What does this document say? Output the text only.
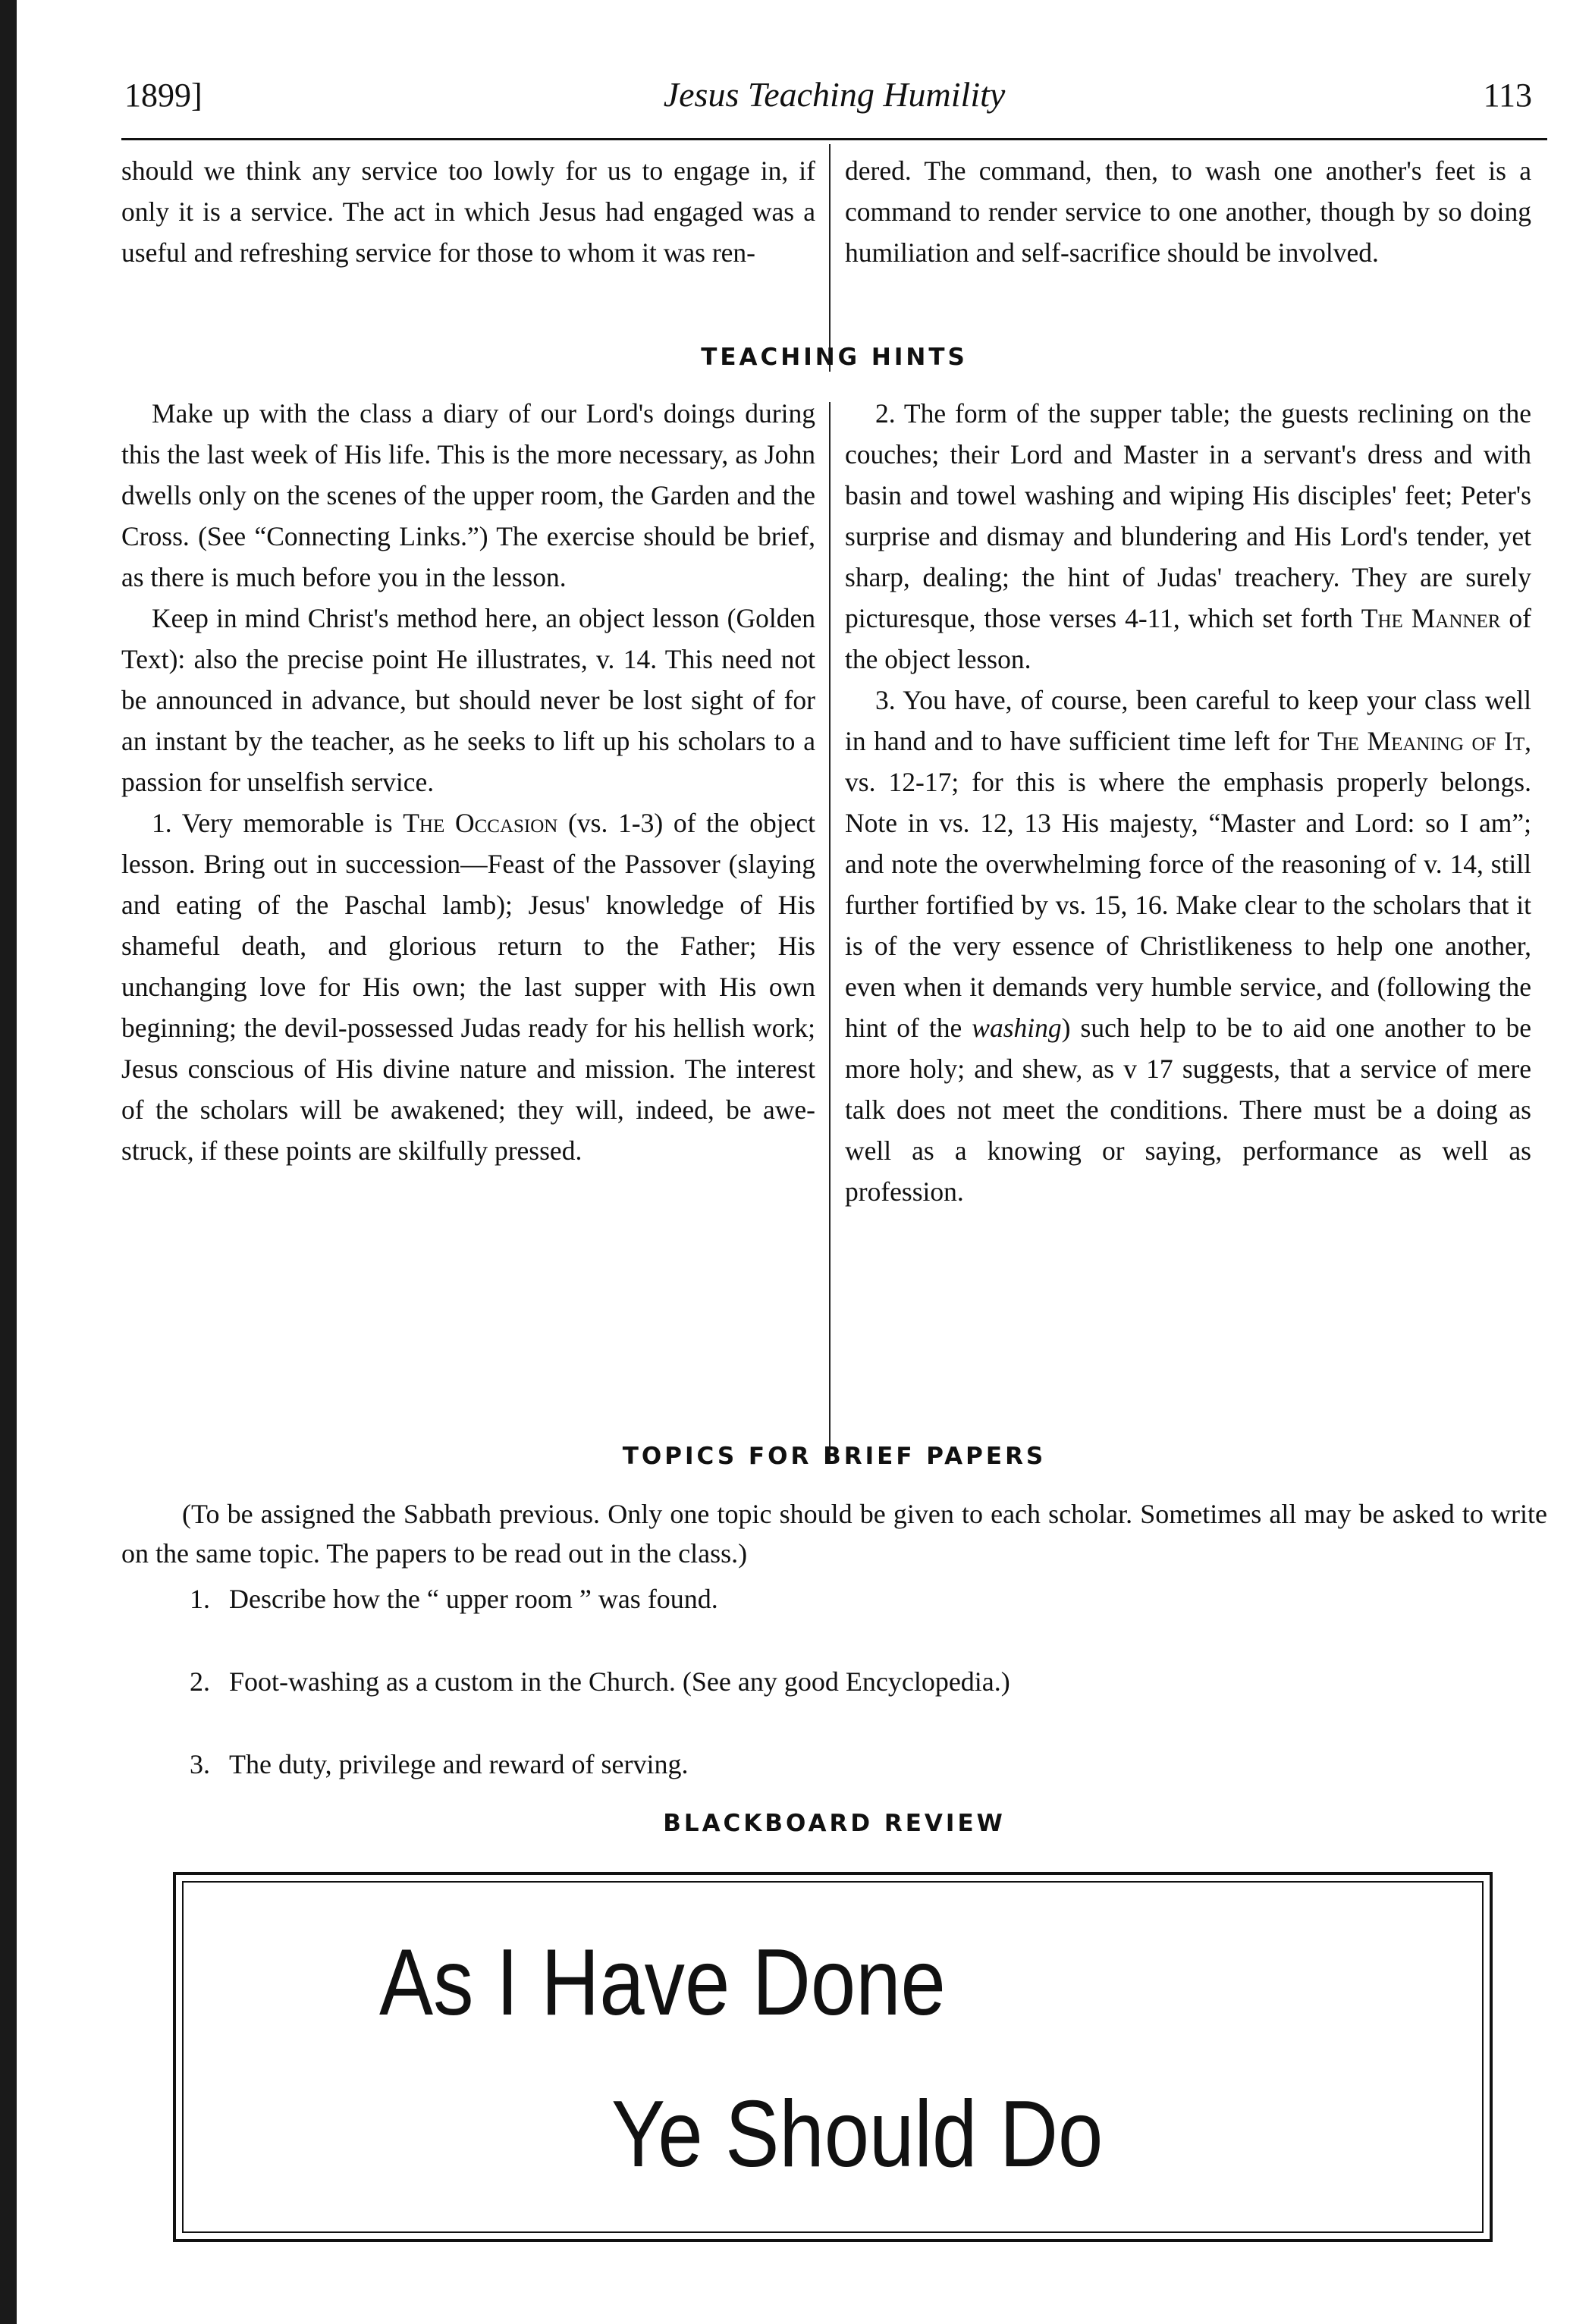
1899]	Jesus Teaching Humility	113

should we think any service too lowly for us to engage in, if only it is a service. The act in which Jesus had engaged was a useful and refreshing service for those to whom it was ren-

dered. The command, then, to wash one another's feet is a command to render service to one another, though by so doing humiliation and self-sacrifice should be involved.

TEACHING HINTS

Make up with the class a diary of our Lord's doings during this the last week of His life. This is the more necessary, as John dwells only on the scenes of the upper room, the Garden and the Cross. (See “Connecting Links.”) The exercise should be brief, as there is much before you in the lesson.

Keep in mind Christ's method here, an object lesson (Golden Text): also the precise point He illustrates, v. 14. This need not be announced in advance, but should never be lost sight of for an instant by the teacher, as he seeks to lift up his scholars to a passion for unselfish service.

1. Very memorable is The Occasion (vs. 1-3) of the object lesson. Bring out in succession—Feast of the Passover (slaying and eating of the Paschal lamb); Jesus' knowledge of His shameful death, and glorious return to the Father; His unchanging love for His own; the last supper with His own beginning; the devil-possessed Judas ready for his hellish work; Jesus conscious of His divine nature and mission. The interest of the scholars will be awakened; they will, indeed, be awe-struck, if these points are skilfully pressed.

2. The form of the supper table; the guests reclining on the couches; their Lord and Master in a servant's dress and with basin and towel washing and wiping His disciples' feet; Peter's surprise and dismay and blundering and His Lord's tender, yet sharp, dealing; the hint of Judas' treachery. They are surely picturesque, those verses 4-11, which set forth The Manner of the object lesson.

3. You have, of course, been careful to keep your class well in hand and to have sufficient time left for The Meaning of It, vs. 12-17; for this is where the emphasis properly belongs. Note in vs. 12, 13 His majesty, “Master and Lord: so I am”; and note the overwhelming force of the reasoning of v. 14, still further fortified by vs. 15, 16. Make clear to the scholars that it is of the very essence of Christlikeness to help one another, even when it demands very humble service, and (following the hint of the washing) such help to be to aid one another to be more holy; and shew, as v 17 suggests, that a service of mere talk does not meet the conditions. There must be a doing as well as a knowing or saying, performance as well as profession.

TOPICS FOR BRIEF PAPERS
(To be assigned the Sabbath previous. Only one topic should be given to each scholar. Sometimes all may be asked to write on the same topic. The papers to be read out in the class.)
1. Describe how the “ upper room ” was found.
2. Foot-washing as a custom in the Church. (See any good Encyclopedia.)
3. The duty, privilege and reward of serving.
BLACKBOARD REVIEW
As I Have Done
Ye Should Do
